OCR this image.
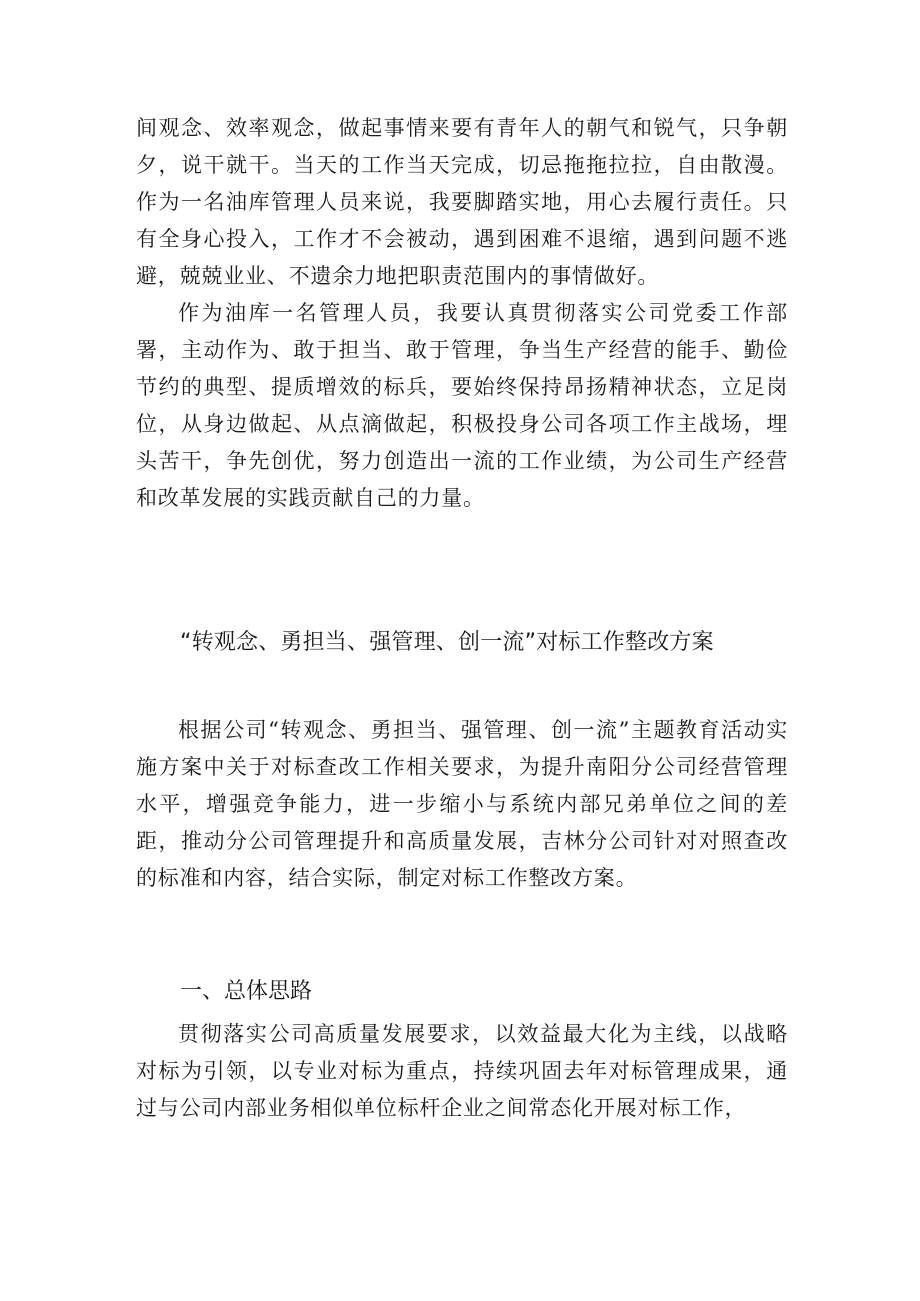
间观念、效率观念，做起事情来要有青年人的朝气和锐气，只争朝夕，说干就干。当天的工作当天完成，切忌拖拖拉拉，自由散漫。作为一名油库管理人员来说，我要脚踏实地，用心去履行责任。只有全身心投入，工作才不会被动，遇到困难不退缩，遇到问题不逃避，兢兢业业、不遗余力地把职责范围内的事情做好。

作为油库一名管理人员，我要认真贯彻落实公司党委工作部署，主动作为、敢于担当、敢于管理，争当生产经营的能手、勤俭节约的典型、提质增效的标兵，要始终保持昂扬精神状态，立足岗位，从身边做起、从点滴做起，积极投身公司各项工作主战场，埋头苦干，争先创优，努力创造出一流的工作业绩，为公司生产经营和改革发展的实践贡献自己的力量。

“转观念、勇担当、强管理、创一流”对标工作整改方案

根据公司“转观念、勇担当、强管理、创一流”主题教育活动实施方案中关于对标查改工作相关要求，为提升南阳分公司经营管理水平，增强竞争能力，进一步缩小与系统内部兄弟单位之间的差距，推动分公司管理提升和高质量发展，吉林分公司针对对照查改的标准和内容，结合实际，制定对标工作整改方案。

一、总体思路

贯彻落实公司高质量发展要求，以效益最大化为主线，以战略对标为引领，以专业对标为重点，持续巩固去年对标管理成果，通过与公司内部业务相似单位标杆企业之间常态化开展对标工作，
